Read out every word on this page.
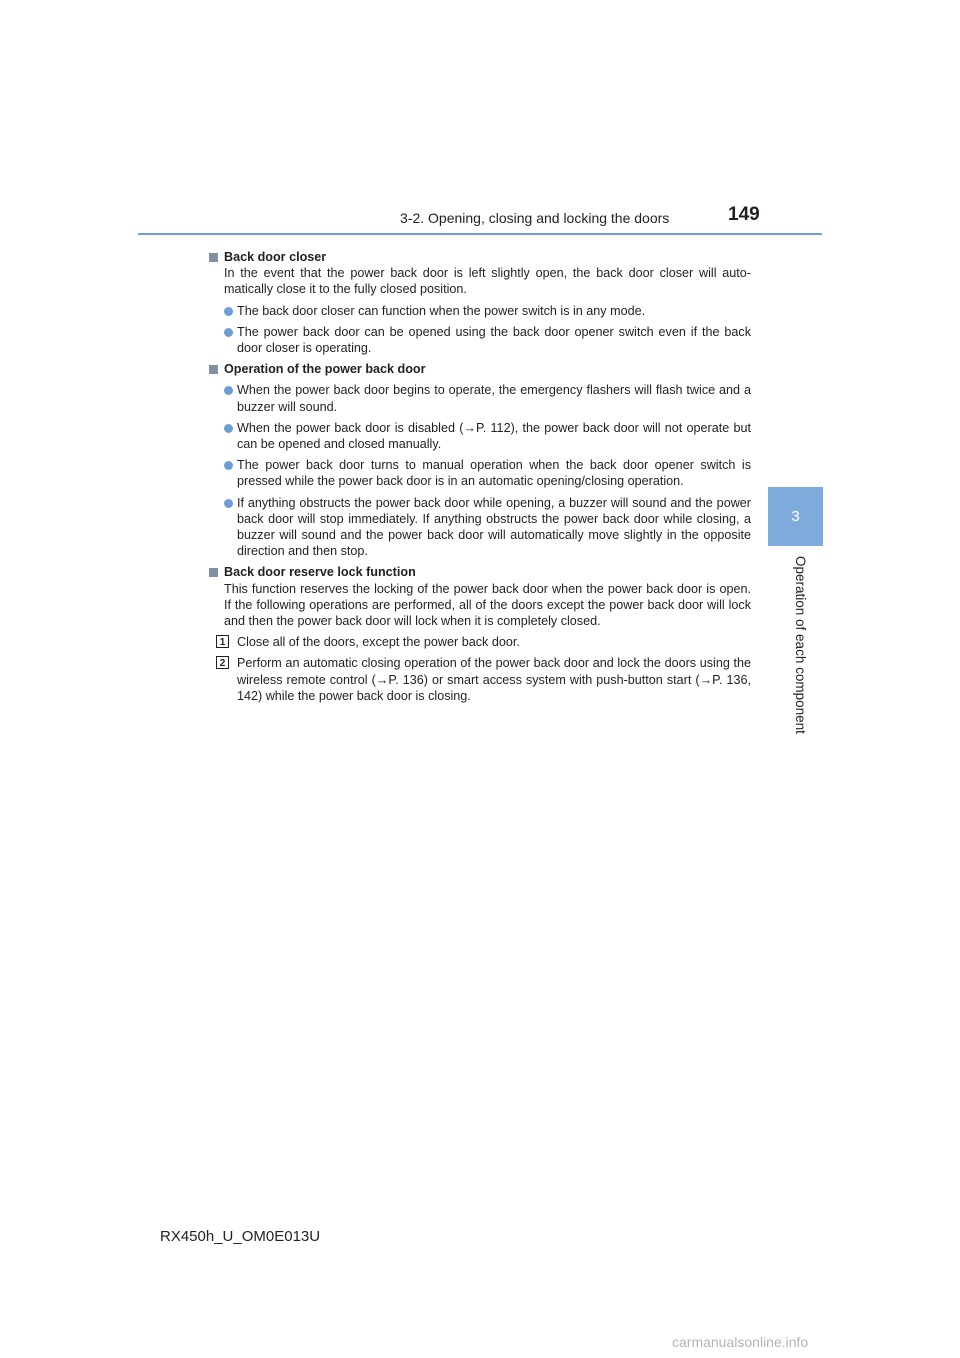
3-2. Opening, closing and locking the doors	149
3
Operation of each component
Back door closer
In the event that the power back door is left slightly open, the back door closer will auto-matically close it to the fully closed position.
The back door closer can function when the power switch is in any mode.
The power back door can be opened using the back door opener switch even if the back door closer is operating.
Operation of the power back door
When the power back door begins to operate, the emergency flashers will flash twice and a buzzer will sound.
When the power back door is disabled (→P. 112), the power back door will not operate but can be opened and closed manually.
The power back door turns to manual operation when the back door opener switch is pressed while the power back door is in an automatic opening/closing operation.
If anything obstructs the power back door while opening, a buzzer will sound and the power back door will stop immediately. If anything obstructs the power back door while closing, a buzzer will sound and the power back door will automatically move slightly in the opposite direction and then stop.
Back door reserve lock function
This function reserves the locking of the power back door when the power back door is open. If the following operations are performed, all of the doors except the power back door will lock and then the power back door will lock when it is completely closed.
1 Close all of the doors, except the power back door.
2 Perform an automatic closing operation of the power back door and lock the doors using the wireless remote control (→P. 136) or smart access system with push-button start (→P. 136, 142) while the power back door is closing.
RX450h_U_OM0E013U
carmanualsonline.info
